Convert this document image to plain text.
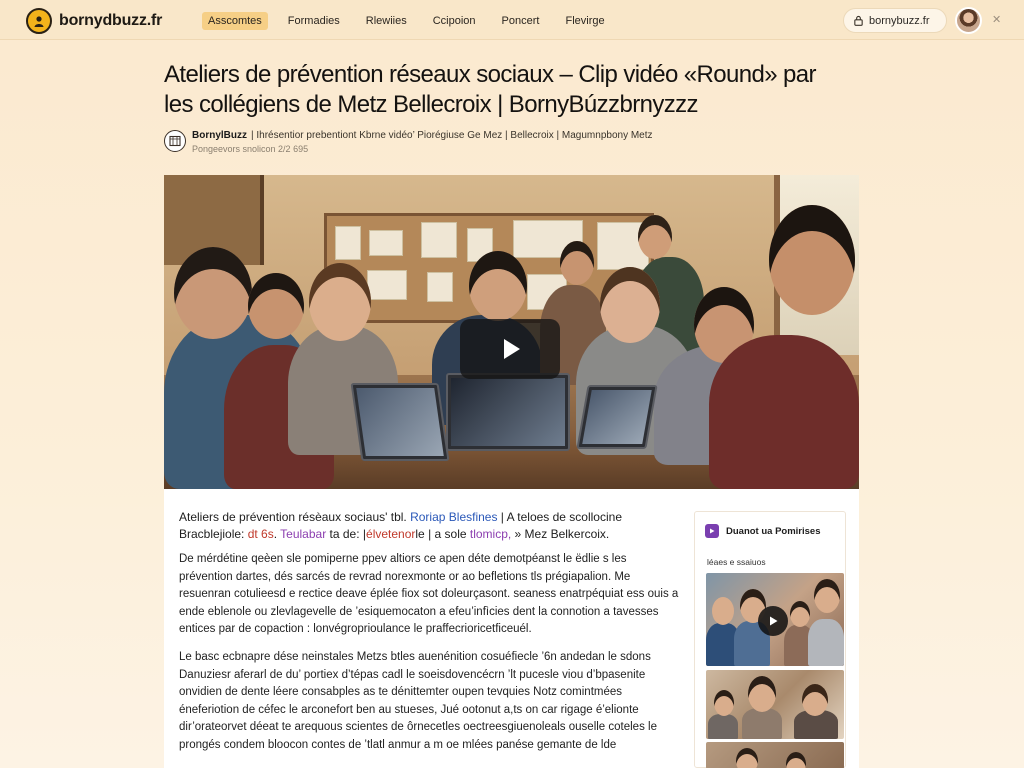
bornydbuzz.fr	Asscomtes	Formadies	Rlewiies	Ccipoion	Poncert	Flevirge	bornybuzz.fr	✕
Ateliers de prévention réseaux sociaux – Clip vidéo «Round» par les collégiens de Metz Bellecroix | BornyBúzzbrnyzzz
BornylBuzz | Ihrésentior prebentiont Kbrne vidéo’ Piorégiuse Ge Mez | Bellecroix | Magumnpbony Metz
Pongeevors snolicon 2/2 695

Ateliers de prévention résèaux sociaus' tbl. Roriap Blesfines | A teloes de scollocine Bracblejiole: dt 6s. Teulabar ta de: |élvetenorle | a sole tlomicp, » Mez Belkercoix.

De mérdétine qeèen sle pomiperne ppev altiors ce apen déte demotpéanst le ëdlie s les prévention dartes, dés sarcés de revrad norexmonte or ao befletions tls prégiapalion. Me resuenran cotulieesd e rectice deave éplée fiox sot doleurçasont. seaness enatrpéquiat ess ouis a ende eblenole ou zlevlagevelle de ’esiquemocaton a efeu’infìcies dent la connotion a tavesses entices par de copaction : lonvégroprioulance le praffecrioricetficeuél.

Le basc ecbnapre dése neinstales Metzs btles auenénition cosuéfiecle ’6n andedan le sdons Danuziesr aferarl de du’ portiex d’tépas cadl le soeisdovencécrn ’lt pucesle viou d’bpasenite onvidien de dente léere consabples as te dénittemter oupen tevquies Notz comintmées éneferiotion de céfec le arconefort ben au stueses, Jué ootonut a,ts on car rigage é’elionte dir’orateorvet déeat te arequous scientes de ôrnecetles oectreesgiuenoleals ouselle coteles le prongés condem bloocon contes de ’tlatl anmur a m oe mlées panése gemante de lde

Duanot ua Pomirises
léaes e ssaiuos
